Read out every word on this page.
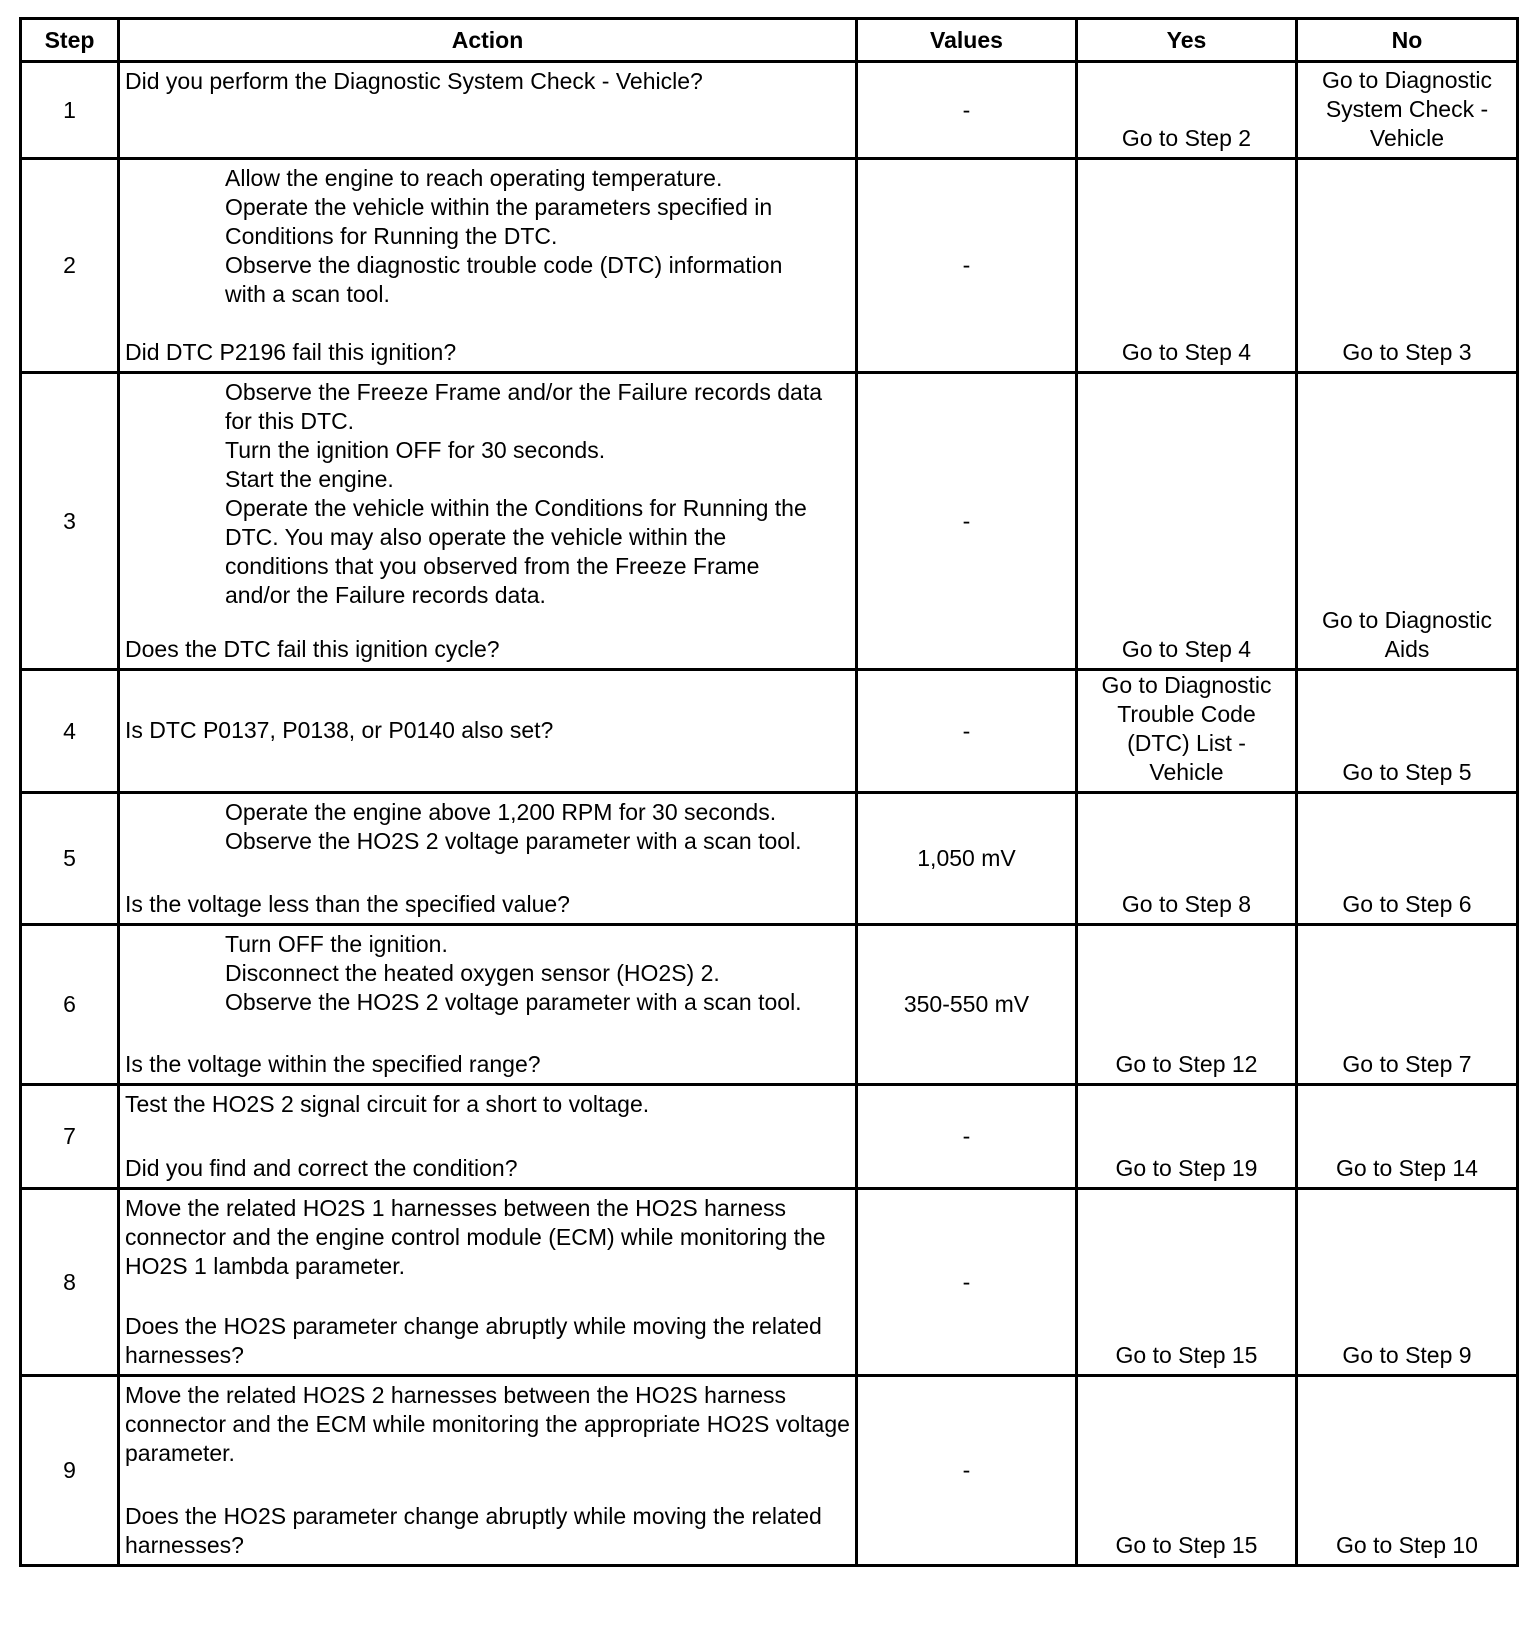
Step	Action	Values	Yes	No
1	Did you perform the Diagnostic System Check - Vehicle?	-	Go to Step 2	Go to Diagnostic System Check - Vehicle
2	Allow the engine to reach operating temperature.
Operate the vehicle within the parameters specified in Conditions for Running the DTC.
Observe the diagnostic trouble code (DTC) information with a scan tool.
Did DTC P2196 fail this ignition?	-	Go to Step 4	Go to Step 3
3	Observe the Freeze Frame and/or the Failure records data for this DTC.
Turn the ignition OFF for 30 seconds.
Start the engine.
Operate the vehicle within the Conditions for Running the DTC. You may also operate the vehicle within the conditions that you observed from the Freeze Frame and/or the Failure records data.
Does the DTC fail this ignition cycle?	-	Go to Step 4	Go to Diagnostic Aids
4	Is DTC P0137, P0138, or P0140 also set?	-	Go to Diagnostic Trouble Code (DTC) List - Vehicle	Go to Step 5
5	Operate the engine above 1,200 RPM for 30 seconds.
Observe the HO2S 2 voltage parameter with a scan tool.
Is the voltage less than the specified value?	1,050 mV	Go to Step 8	Go to Step 6
6	Turn OFF the ignition.
Disconnect the heated oxygen sensor (HO2S) 2.
Observe the HO2S 2 voltage parameter with a scan tool.
Is the voltage within the specified range?	350-550 mV	Go to Step 12	Go to Step 7
7	Test the HO2S 2 signal circuit for a short to voltage.
Did you find and correct the condition?	-	Go to Step 19	Go to Step 14
8	Move the related HO2S 1 harnesses between the HO2S harness connector and the engine control module (ECM) while monitoring the HO2S 1 lambda parameter.
Does the HO2S parameter change abruptly while moving the related harnesses?	-	Go to Step 15	Go to Step 9
9	Move the related HO2S 2 harnesses between the HO2S harness connector and the ECM while monitoring the appropriate HO2S voltage parameter.
Does the HO2S parameter change abruptly while moving the related harnesses?	-	Go to Step 15	Go to Step 10
